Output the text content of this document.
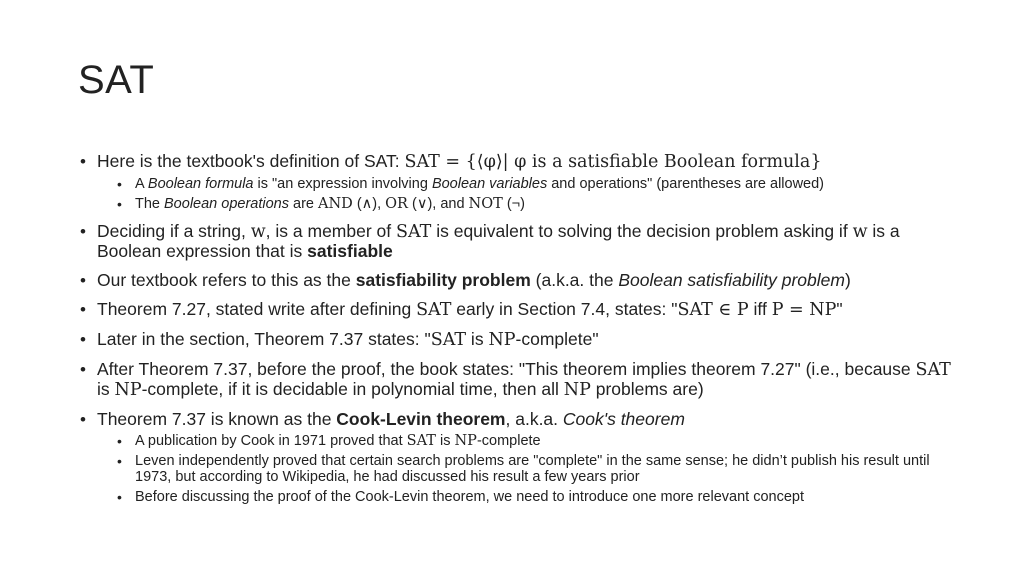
SAT
• Here is the textbook's definition of SAT: SAT = {⟨φ⟩| φ is a satisfiable Boolean formula}
• A Boolean formula is "an expression involving Boolean variables and operations" (parentheses are allowed)
• The Boolean operations are AND (∧), OR (∨), and NOT (¬)
• Deciding if a string, w, is a member of SAT is equivalent to solving the decision problem asking if w is a Boolean expression that is satisfiable
• Our textbook refers to this as the satisfiability problem (a.k.a. the Boolean satisfiability problem)
• Theorem 7.27, stated write after defining SAT early in Section 7.4, states: "SAT ∈ P iff P = NP"
• Later in the section, Theorem 7.37 states: "SAT is NP-complete"
• After Theorem 7.37, before the proof, the book states: "This theorem implies theorem 7.27" (i.e., because SAT is NP-complete, if it is decidable in polynomial time, then all NP problems are)
• Theorem 7.37 is known as the Cook-Levin theorem, a.k.a. Cook's theorem
• A publication by Cook in 1971 proved that SAT is NP-complete
• Leven independently proved that certain search problems are "complete" in the same sense; he didn’t publish his result until 1973, but according to Wikipedia, he had discussed his result a few years prior
• Before discussing the proof of the Cook-Levin theorem, we need to introduce one more relevant concept
